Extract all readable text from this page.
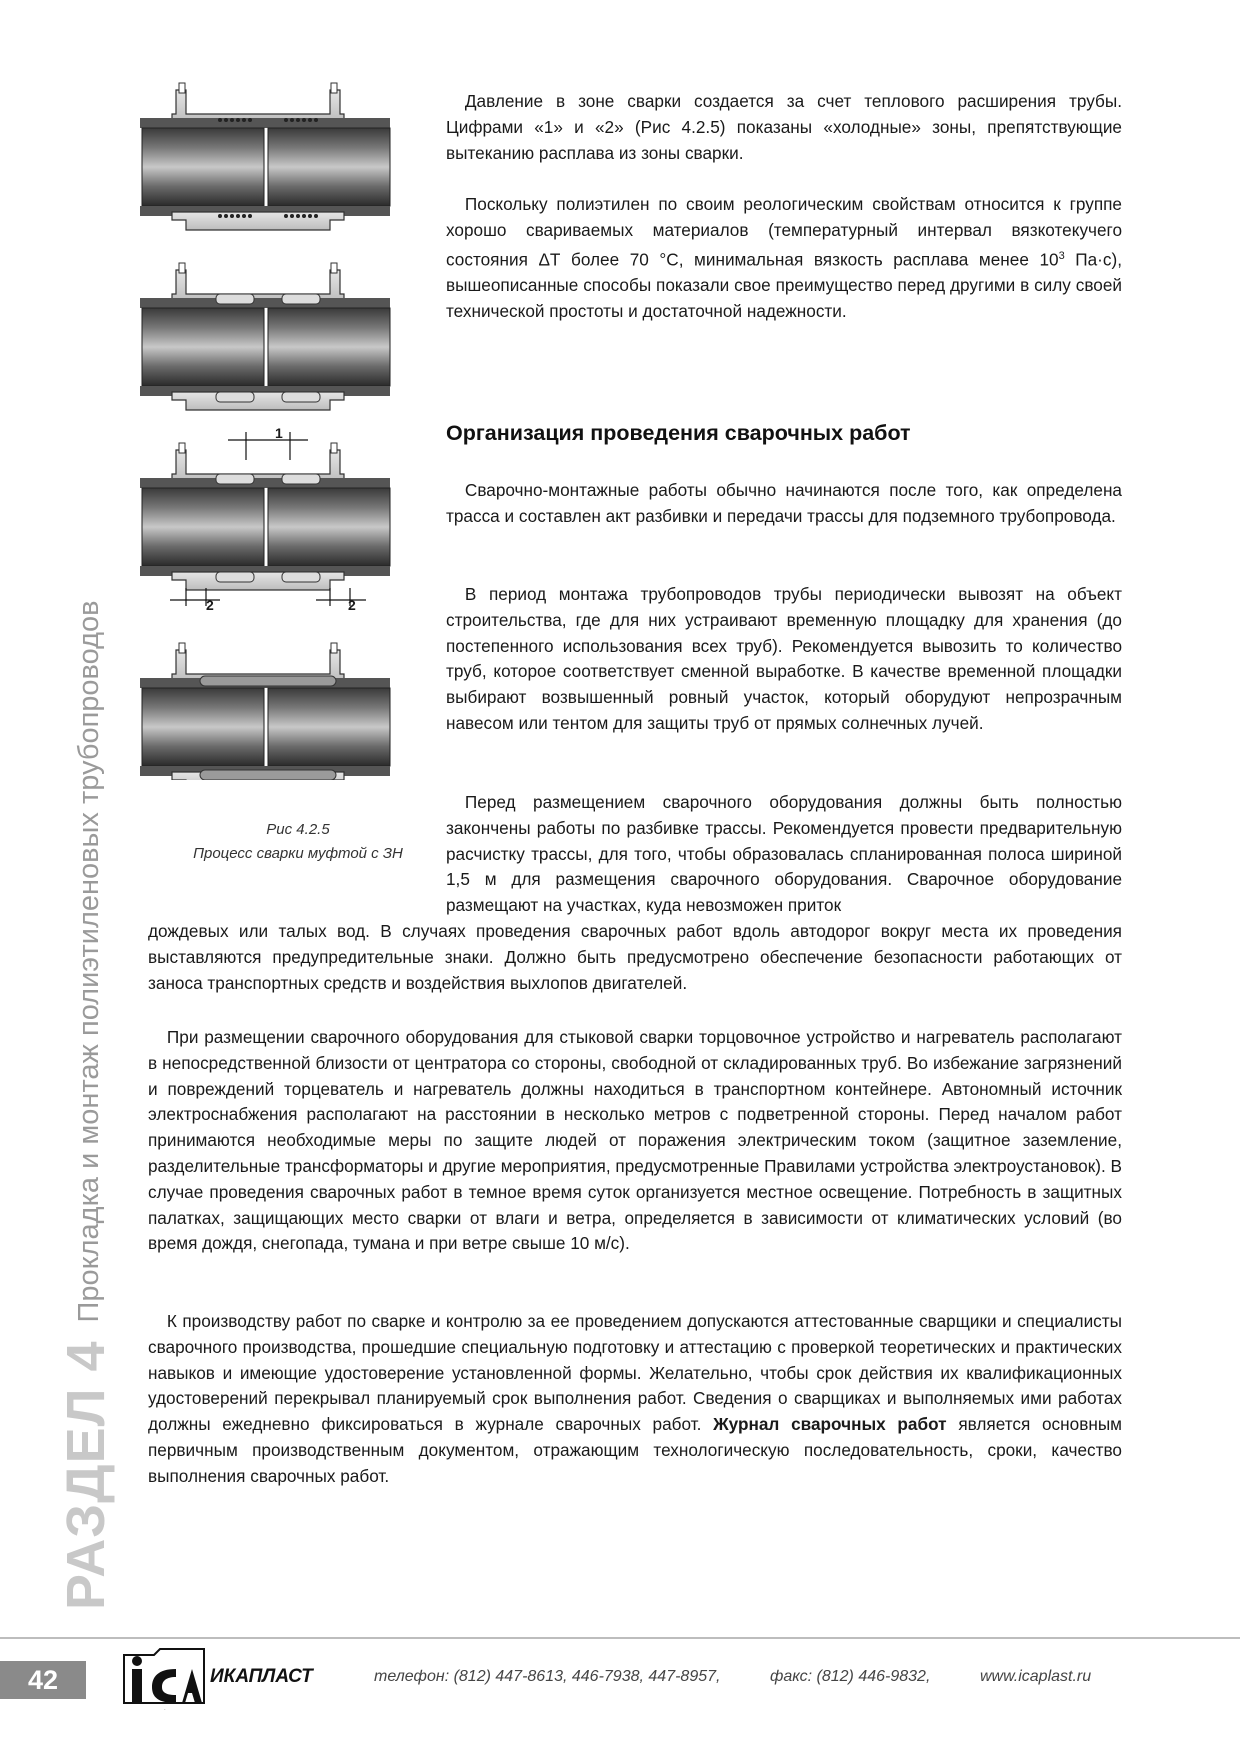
РАЗДЕЛ 4Прокладка и монтаж полиэтиленовых трубопроводов
1
2	2
Рис 4.2.5
Процесс сварки муфтой с ЗН

Давление в зоне сварки создается за счет теплового расширения трубы. Цифрами «1» и «2» (Рис 4.2.5) показаны «холодные» зоны, препятствующие вытеканию расплава из зоны сварки.

Поскольку полиэтилен по своим реологическим свойствам относится к группе хорошо свариваемых материалов (температурный интервал вязкотекучего состояния ΔТ более 70 °С, минимальная вязкость расплава менее $10^3$ Па·с), вышеописанные способы показали свое преимущество перед другими в силу своей технической простоты и достаточной надежности.

Организация проведения сварочных работ

Сварочно-монтажные работы обычно начинаются после того, как определена трасса и составлен акт разбивки и передачи трассы для подземного трубопровода.

В период монтажа трубопроводов трубы периодически вывозят на объект строительства, где для них устраивают временную площадку для хранения (до постепенного использования всех труб). Рекомендуется вывозить то количество труб, которое соответствует сменной выработке. В качестве временной площадки выбирают возвышенный ровный участок, который оборудуют непрозрачным навесом или тентом для защиты труб от прямых солнечных лучей.

Перед размещением сварочного оборудования должны быть полностью закончены работы по разбивке трассы. Рекомендуется провести предварительную расчистку трассы, для того, чтобы образовалась спланированная полоса шириной 1,5 м для размещения сварочного оборудования. Сварочное оборудование размещают на участках, куда невозможен приток

дождевых или талых вод. В случаях проведения сварочных работ вдоль автодорог вокруг места их проведения выставляются предупредительные знаки. Должно быть предусмотрено обеспечение безопасности работающих от заноса транспортных средств и воздействия выхлопов двигателей.

При размещении сварочного оборудования для стыковой сварки торцовочное устройство и нагреватель располагают в непосредственной близости от центратора со стороны, свободной от складированных труб. Во избежание загрязнений и повреждений торцеватель и нагреватель должны находиться в транспортном контейнере. Автономный источник электроснабжения располагают на расстоянии в несколько метров с подветренной стороны. Перед началом работ принимаются необходимые меры по защите людей от поражения электрическим током (защитное заземление, разделительные трансформаторы и другие мероприятия, предусмотренные Правилами устройства электроустановок). В случае проведения сварочных работ в темное время суток организуется местное освещение. Потребность в защитных палатках, защищающих место сварки от влаги и ветра, определяется в зависимости от климатических условий (во время дождя, снегопада, тумана и при ветре свыше 10 м/с).

К производству работ по сварке и контролю за ее проведением допускаются аттестованные сварщики и специалисты сварочного производства, прошедшие специальную подготовку и аттестацию с проверкой теоретических и практических навыков и имеющие удостоверение установленной формы. Желательно, чтобы срок действия их квалификационных удостоверений перекрывал планируемый срок выполнения работ. Сведения о сварщиках и выполняемых ими работах должны ежедневно фиксироваться в журнале сварочных работ. Журнал сварочных работ является основным первичным производственным документом, отражающим технологическую последовательность, сроки, качество выполнения сварочных работ.

42
ICA
ИКАПЛАСТ	телефон: (812) 447-8613, 446-7938, 447-8957,	факс: (812) 446-9832,	www.icaplast.ru
